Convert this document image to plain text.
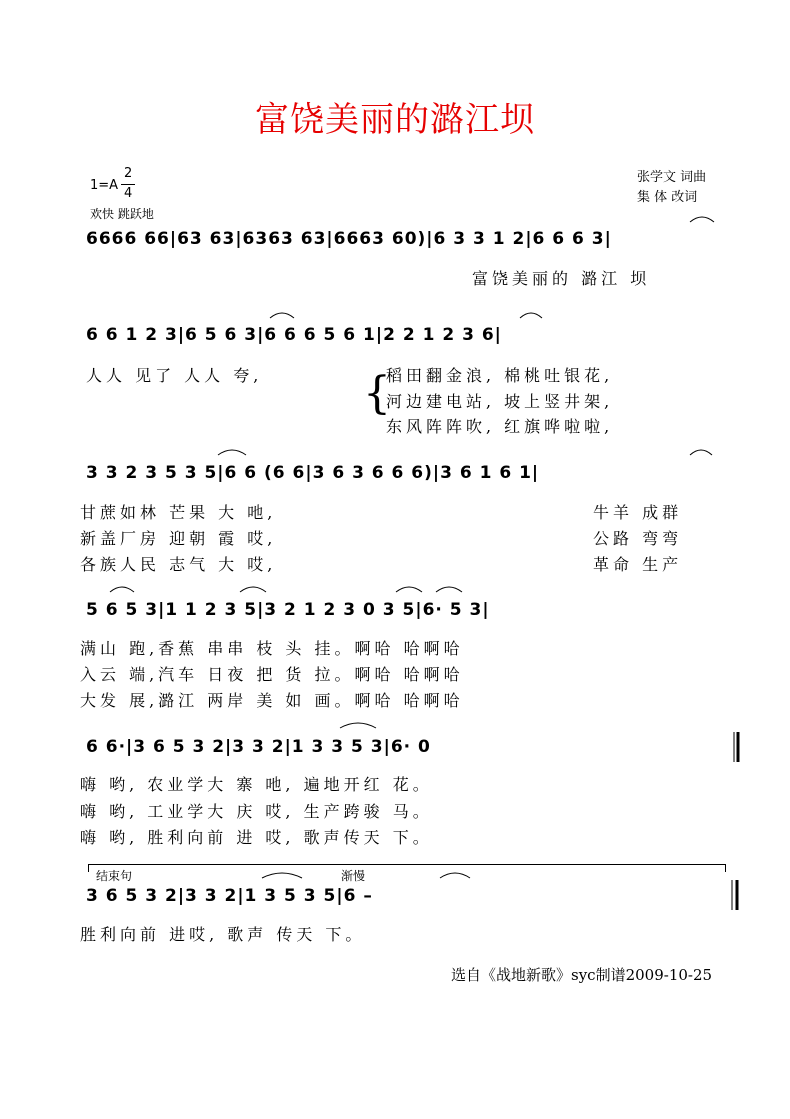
富饶美丽的潞江坝
张学文 词曲
集 体 改词
1=A
2
4
欢快 跳跃地
6666 66|63 63|6363 63|6663 60)|6 3 3 1 2|6 6 6 3|
富饶美丽的 潞江 坝
6 6 1 2 3|6 5 6 3|6 6 6 5 6 1|2 2 1 2 3 6|
人人 见了 人人 夸,	稻田翻金浪, 棉桃吐银花,
{
河边建电站, 坡上竖井架,
东风阵阵吹, 红旗哗啦啦,
3 3 2 3 5 3 5|6 6 (6 6|3 6 3 6 6 6)|3 6 1 6 1|
甘蔗如林 芒果 大 吔,
新盖厂房 迎朝 霞 哎,
各族人民 志气 大 哎,
牛羊 成群
公路 弯弯
革命 生产
5 6 5 3|1 1 2 3 5|3 2 1 2 3 0 3 5|6· 5 3|
满山 跑,香蕉 串串 枝 头 挂。啊哈 哈啊哈
入云 端,汽车 日夜 把 货 拉。啊哈 哈啊哈
大发 展,潞江 两岸 美 如 画。啊哈 哈啊哈
6 6·|3 6 5 3 2|3 3 2|1 3 3 5 3|6· 0
嗨 哟, 农业学大 寨 吔, 遍地开红 花。
嗨 哟, 工业学大 庆 哎, 生产跨骏 马。
嗨 哟, 胜利向前 进 哎, 歌声传天 下。
结束句	渐慢
3 6 5 3 2|3 3 2|1 3 5 3 5|6 –
胜利向前 进哎, 歌声 传天 下。
选自《战地新歌》syc制谱2009-10-25
